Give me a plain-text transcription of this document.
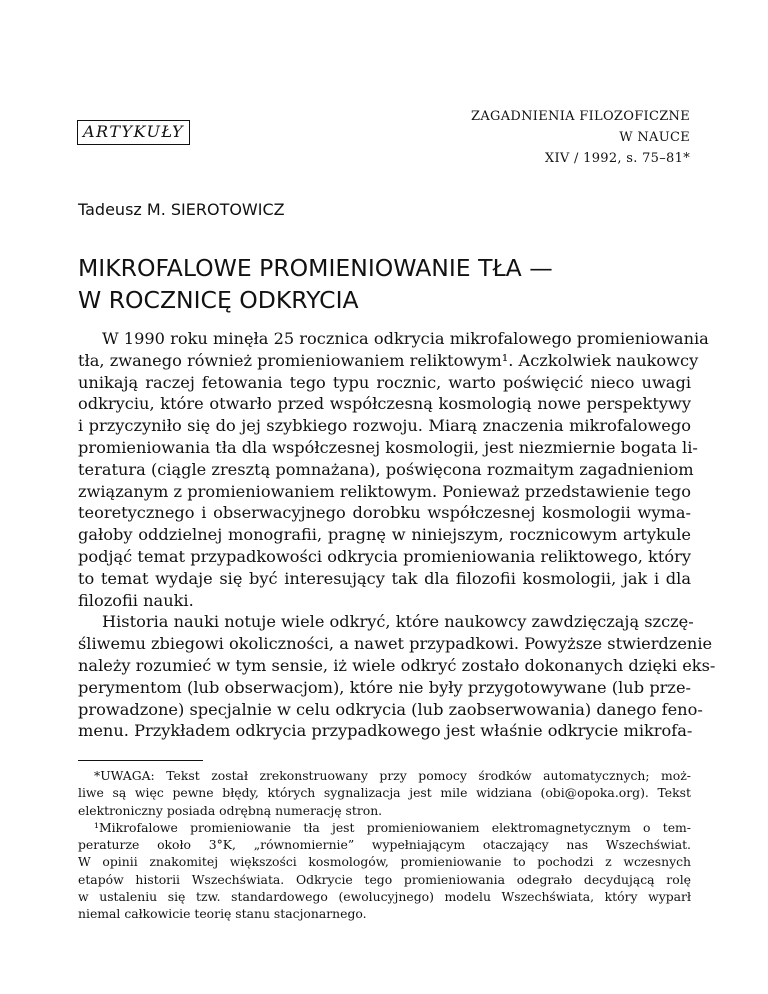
ARTYKUŁY
ZAGADNIENIA FILOZOFICZNE
W NAUCE
XIV / 1992, s. 75–81*
Tadeusz M. SIEROTOWICZ
MIKROFALOWE PROMIENIOWANIE TŁA —
W ROCZNICĘ ODKRYCIA
W 1990 roku minęła 25 rocznica odkrycia mikrofalowego promieniowania
tła, zwanego również promieniowaniem reliktowym¹. Aczkolwiek naukowcy
unikają raczej fetowania tego typu rocznic, warto poświęcić nieco uwagi
odkryciu, które otwarło przed współczesną kosmologią nowe perspektywy
i przyczyniło się do jej szybkiego rozwoju. Miarą znaczenia mikrofalowego
promieniowania tła dla współczesnej kosmologii, jest niezmiernie bogata li-
teratura (ciągle zresztą pomnażana), poświęcona rozmaitym zagadnieniom
związanym z promieniowaniem reliktowym. Ponieważ przedstawienie tego
teoretycznego i obserwacyjnego dorobku współczesnej kosmologii wyma-
gałoby oddzielnej monografii, pragnę w niniejszym, rocznicowym artykule
podjąć temat przypadkowości odkrycia promieniowania reliktowego, który
to temat wydaje się być interesujący tak dla filozofii kosmologii, jak i dla
filozofii nauki.
Historia nauki notuje wiele odkryć, które naukowcy zawdzięczają szczę-
śliwemu zbiegowi okoliczności, a nawet przypadkowi. Powyższe stwierdzenie
należy rozumieć w tym sensie, iż wiele odkryć zostało dokonanych dzięki eks-
perymentom (lub obserwacjom), które nie były przygotowywane (lub prze-
prowadzone) specjalnie w celu odkrycia (lub zaobserwowania) danego feno-
menu. Przykładem odkrycia przypadkowego jest właśnie odkrycie mikrofa-
*UWAGA: Tekst został zrekonstruowany przy pomocy środków automatycznych; moż-
liwe są więc pewne błędy, których sygnalizacja jest mile widziana (obi@opoka.org). Tekst
elektroniczny posiada odrębną numerację stron.
¹Mikrofalowe promieniowanie tła jest promieniowaniem elektromagnetycznym o tem-
peraturze około 3°K, „równomiernie” wypełniającym otaczający nas Wszechświat.
W opinii znakomitej większości kosmologów, promieniowanie to pochodzi z wczesnych
etapów historii Wszechświata. Odkrycie tego promieniowania odegrało decydującą rolę
w ustaleniu się tzw. standardowego (ewolucyjnego) modelu Wszechświata, który wyparł
niemal całkowicie teorię stanu stacjonarnego.
